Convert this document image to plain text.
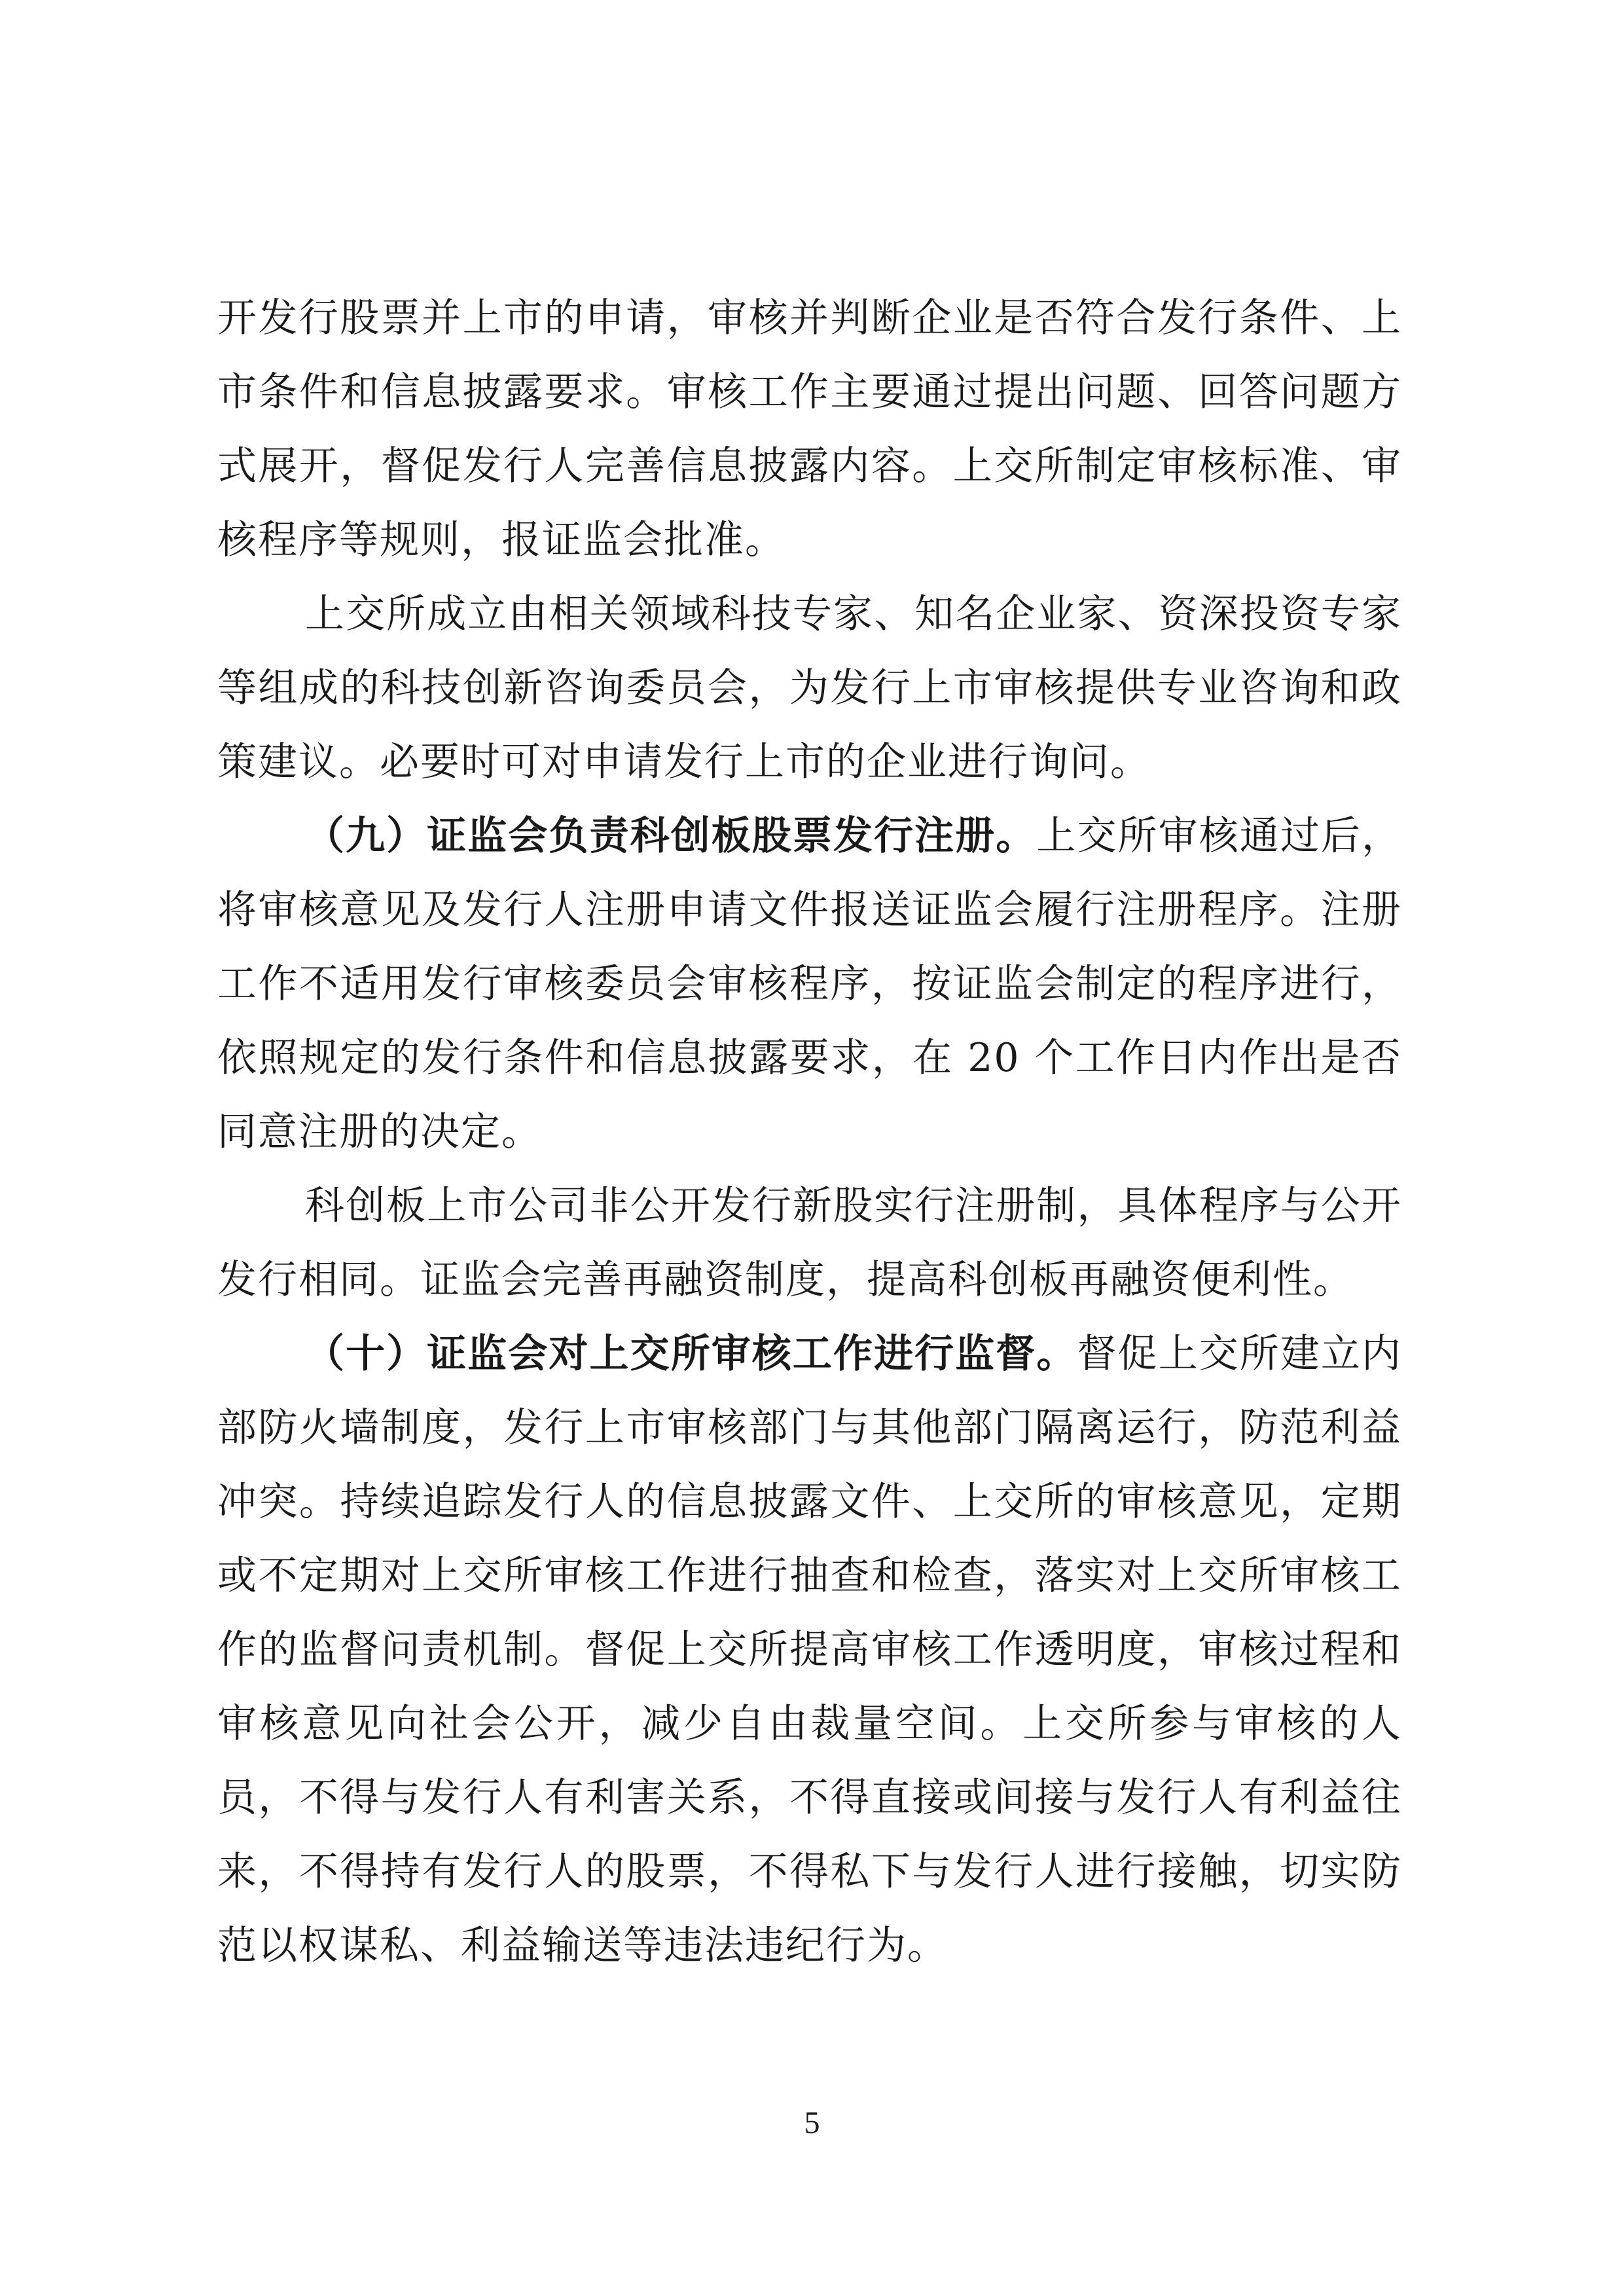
开发行股票并上市的申请，审核并判断企业是否符合发行条件、上市条件和信息披露要求。审核工作主要通过提出问题、回答问题方式展开，督促发行人完善信息披露内容。上交所制定审核标准、审核程序等规则，报证监会批准。

上交所成立由相关领域科技专家、知名企业家、资深投资专家等组成的科技创新咨询委员会，为发行上市审核提供专业咨询和政策建议。必要时可对申请发行上市的企业进行询问。

（九）证监会负责科创板股票发行注册。上交所审核通过后，将审核意见及发行人注册申请文件报送证监会履行注册程序。注册工作不适用发行审核委员会审核程序，按证监会制定的程序进行，依照规定的发行条件和信息披露要求，在 20 个工作日内作出是否同意注册的决定。

科创板上市公司非公开发行新股实行注册制，具体程序与公开发行相同。证监会完善再融资制度，提高科创板再融资便利性。

（十）证监会对上交所审核工作进行监督。督促上交所建立内部防火墙制度，发行上市审核部门与其他部门隔离运行，防范利益冲突。持续追踪发行人的信息披露文件、上交所的审核意见，定期或不定期对上交所审核工作进行抽查和检查，落实对上交所审核工作的监督问责机制。督促上交所提高审核工作透明度，审核过程和审核意见向社会公开，减少自由裁量空间。上交所参与审核的人员，不得与发行人有利害关系，不得直接或间接与发行人有利益往来，不得持有发行人的股票，不得私下与发行人进行接触，切实防范以权谋私、利益输送等违法违纪行为。

5
